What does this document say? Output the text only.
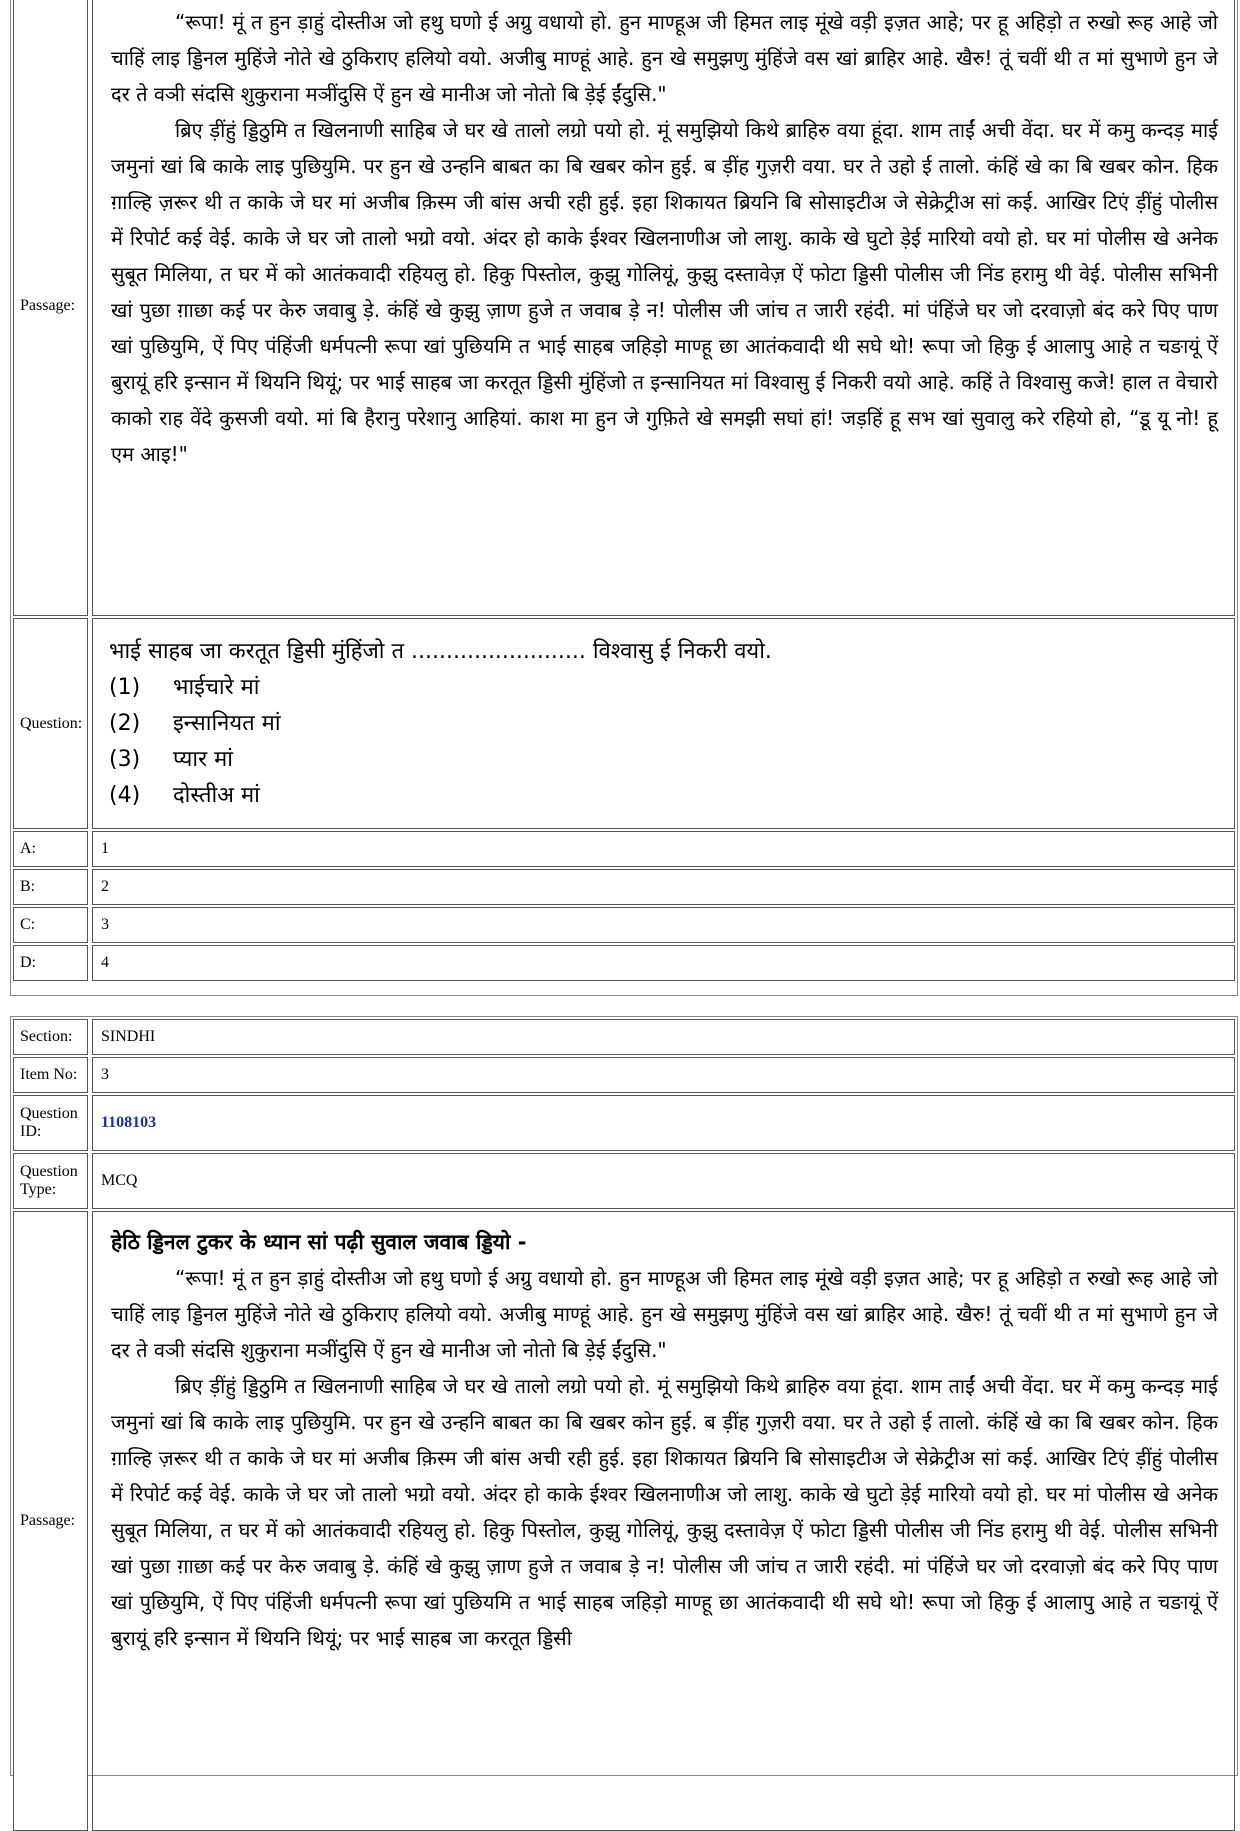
Passage:

“रूपा! मूं त हुन ड़ाहुं दोस्तीअ जो हथु घणो ई अग्रु वधायो हो. हुन माण्हूअ जी हिमत लाइ मूंखे वड़ी इज़त आहे; पर हू अहिड़ो त रुखो रूह आहे जो चाहिं लाइ ड्डिनल मुहिंजे नोते खे ठुकिराए हलियो वयो. अजीबु माण्हूं आहे. हुन खे समुझणु मुंहिंजे वस खां ब्राहिर आहे. खैरु! तूं चवीं थी त मां सुभाणे हुन जे दर ते वञी संदसि शुकुराना मञींदुसि ऐं हुन खे मानीअ जो नोतो बि ड़ेई ईंदुसि."

ब्रिए ड़ींहुं ड्डिठुमि त खिलनाणी साहिब जे घर खे तालो लग्रो पयो हो. मूं समुझियो किथे ब्राहिरु वया हूंदा. शाम ताईं अची वेंदा. घर में कमु कन्दड़ माई जमुनां खां बि काके लाइ पुछियुमि. पर हुन खे उन्हनि बाबत का बि खबर कोन हुई. ब ड़ींह गुज़री वया. घर ते उहो ई तालो. कंहिं खे का बि खबर कोन. हिक ग़ाल्हि ज़रूर थी त काके जे घर मां अजीब क़िस्म जी बांस अची रही हुई. इहा शिकायत ब्रियनि बि सोसाइटीअ जे सेक्रेट्रीअ सां कई. आखिर टिएं ड़ींहुं पोलीस में रिपोर्ट कई वेई. काके जे घर जो तालो भग्रो वयो. अंदर हो काके ईश्वर खिलनाणीअ जो लाशु. काके खे घुटो ड़ेई मारियो वयो हो. घर मां पोलीस खे अनेक सुबूत मिलिया, त घर में को आतंकवादी रहियलु हो. हिकु पिस्तोल, कुझु गोलियूं, कुझु दस्तावेज़ ऐं फोटा ड्डिसी पोलीस जी निंड हरामु थी वेई. पोलीस सभिनी खां पुछा ग़ाछा कई पर केरु जवाबु ड़े. कंहिं खे कुझु ज़ाण हुजे त जवाब ड़े न! पोलीस जी जांच त जारी रहंदी. मां पंहिंजे घर जो दरवाज़ो बंद करे पिए पाण खां पुछियुमि, ऐं पिए पंहिंजी धर्मपत्नी रूपा खां पुछियमि त भाई साहब जहिड़ो माण्हू छा आतंकवादी थी सघे थो! रूपा जो हिकु ई आलापु आहे त चङायूं ऐं बुरायूं हरि इन्सान में थियनि थियूं; पर भाई साहब जा करतूत ड्डिसी मुंहिंजो त इन्सानियत मां विश्वासु ई निकरी वयो आहे. कहिं ते विश्वासु कजे! हाल त वेचारो काको राह वेंदे कुसजी वयो. मां बि हैरानु परेशानु आहियां. काश मा हुन जे गुफ़िते खे समझी सघां हां! जड़हिं हू सभ खां सुवालु करे रहियो हो, “डू यू नो! हू एम आइ!"

Question:
भाई साहब जा करतूत ड्डिसी मुंहिंजो त ......................... विश्वासु ई निकरी वयो.
(1)	भाईचारे मां
(2)	इन्सानियत मां
(3)	प्यार मां
(4)	दोस्तीअ मां
A:	1
B:	2
C:	3
D:	4
Section:	SINDHI
Item No:	3
Question ID:
1108103
Question Type:
MCQ
Passage:

हेठि ड्डिनल टुकर के ध्यान सां पढ़ी सुवाल जवाब ड्डियो -

“रूपा! मूं त हुन ड़ाहुं दोस्तीअ जो हथु घणो ई अग्रु वधायो हो. हुन माण्हूअ जी हिमत लाइ मूंखे वड़ी इज़त आहे; पर हू अहिड़ो त रुखो रूह आहे जो चाहिं लाइ ड्डिनल मुहिंजे नोते खे ठुकिराए हलियो वयो. अजीबु माण्हूं आहे. हुन खे समुझणु मुंहिंजे वस खां ब्राहिर आहे. खैरु! तूं चवीं थी त मां सुभाणे हुन जे दर ते वञी संदसि शुकुराना मञींदुसि ऐं हुन खे मानीअ जो नोतो बि ड़ेई ईंदुसि."

ब्रिए ड़ींहुं ड्डिठुमि त खिलनाणी साहिब जे घर खे तालो लग्रो पयो हो. मूं समुझियो किथे ब्राहिरु वया हूंदा. शाम ताईं अची वेंदा. घर में कमु कन्दड़ माई जमुनां खां बि काके लाइ पुछियुमि. पर हुन खे उन्हनि बाबत का बि खबर कोन हुई. ब ड़ींह गुज़री वया. घर ते उहो ई तालो. कंहिं खे का बि खबर कोन. हिक ग़ाल्हि ज़रूर थी त काके जे घर मां अजीब क़िस्म जी बांस अची रही हुई. इहा शिकायत ब्रियनि बि सोसाइटीअ जे सेक्रेट्रीअ सां कई. आखिर टिएं ड़ींहुं पोलीस में रिपोर्ट कई वेई. काके जे घर जो तालो भग्रो वयो. अंदर हो काके ईश्वर खिलनाणीअ जो लाशु. काके खे घुटो ड़ेई मारियो वयो हो. घर मां पोलीस खे अनेक सुबूत मिलिया, त घर में को आतंकवादी रहियलु हो. हिकु पिस्तोल, कुझु गोलियूं, कुझु दस्तावेज़ ऐं फोटा ड्डिसी पोलीस जी निंड हरामु थी वेई. पोलीस सभिनी खां पुछा ग़ाछा कई पर केरु जवाबु ड़े. कंहिं खे कुझु ज़ाण हुजे त जवाब ड़े न! पोलीस जी जांच त जारी रहंदी. मां पंहिंजे घर जो दरवाज़ो बंद करे पिए पाण खां पुछियुमि, ऐं पिए पंहिंजी धर्मपत्नी रूपा खां पुछियमि त भाई साहब जहिड़ो माण्हू छा आतंकवादी थी सघे थो! रूपा जो हिकु ई आलापु आहे त चङायूं ऐं बुरायूं हरि इन्सान में थियनि थियूं; पर भाई साहब जा करतूत ड्डिसी
